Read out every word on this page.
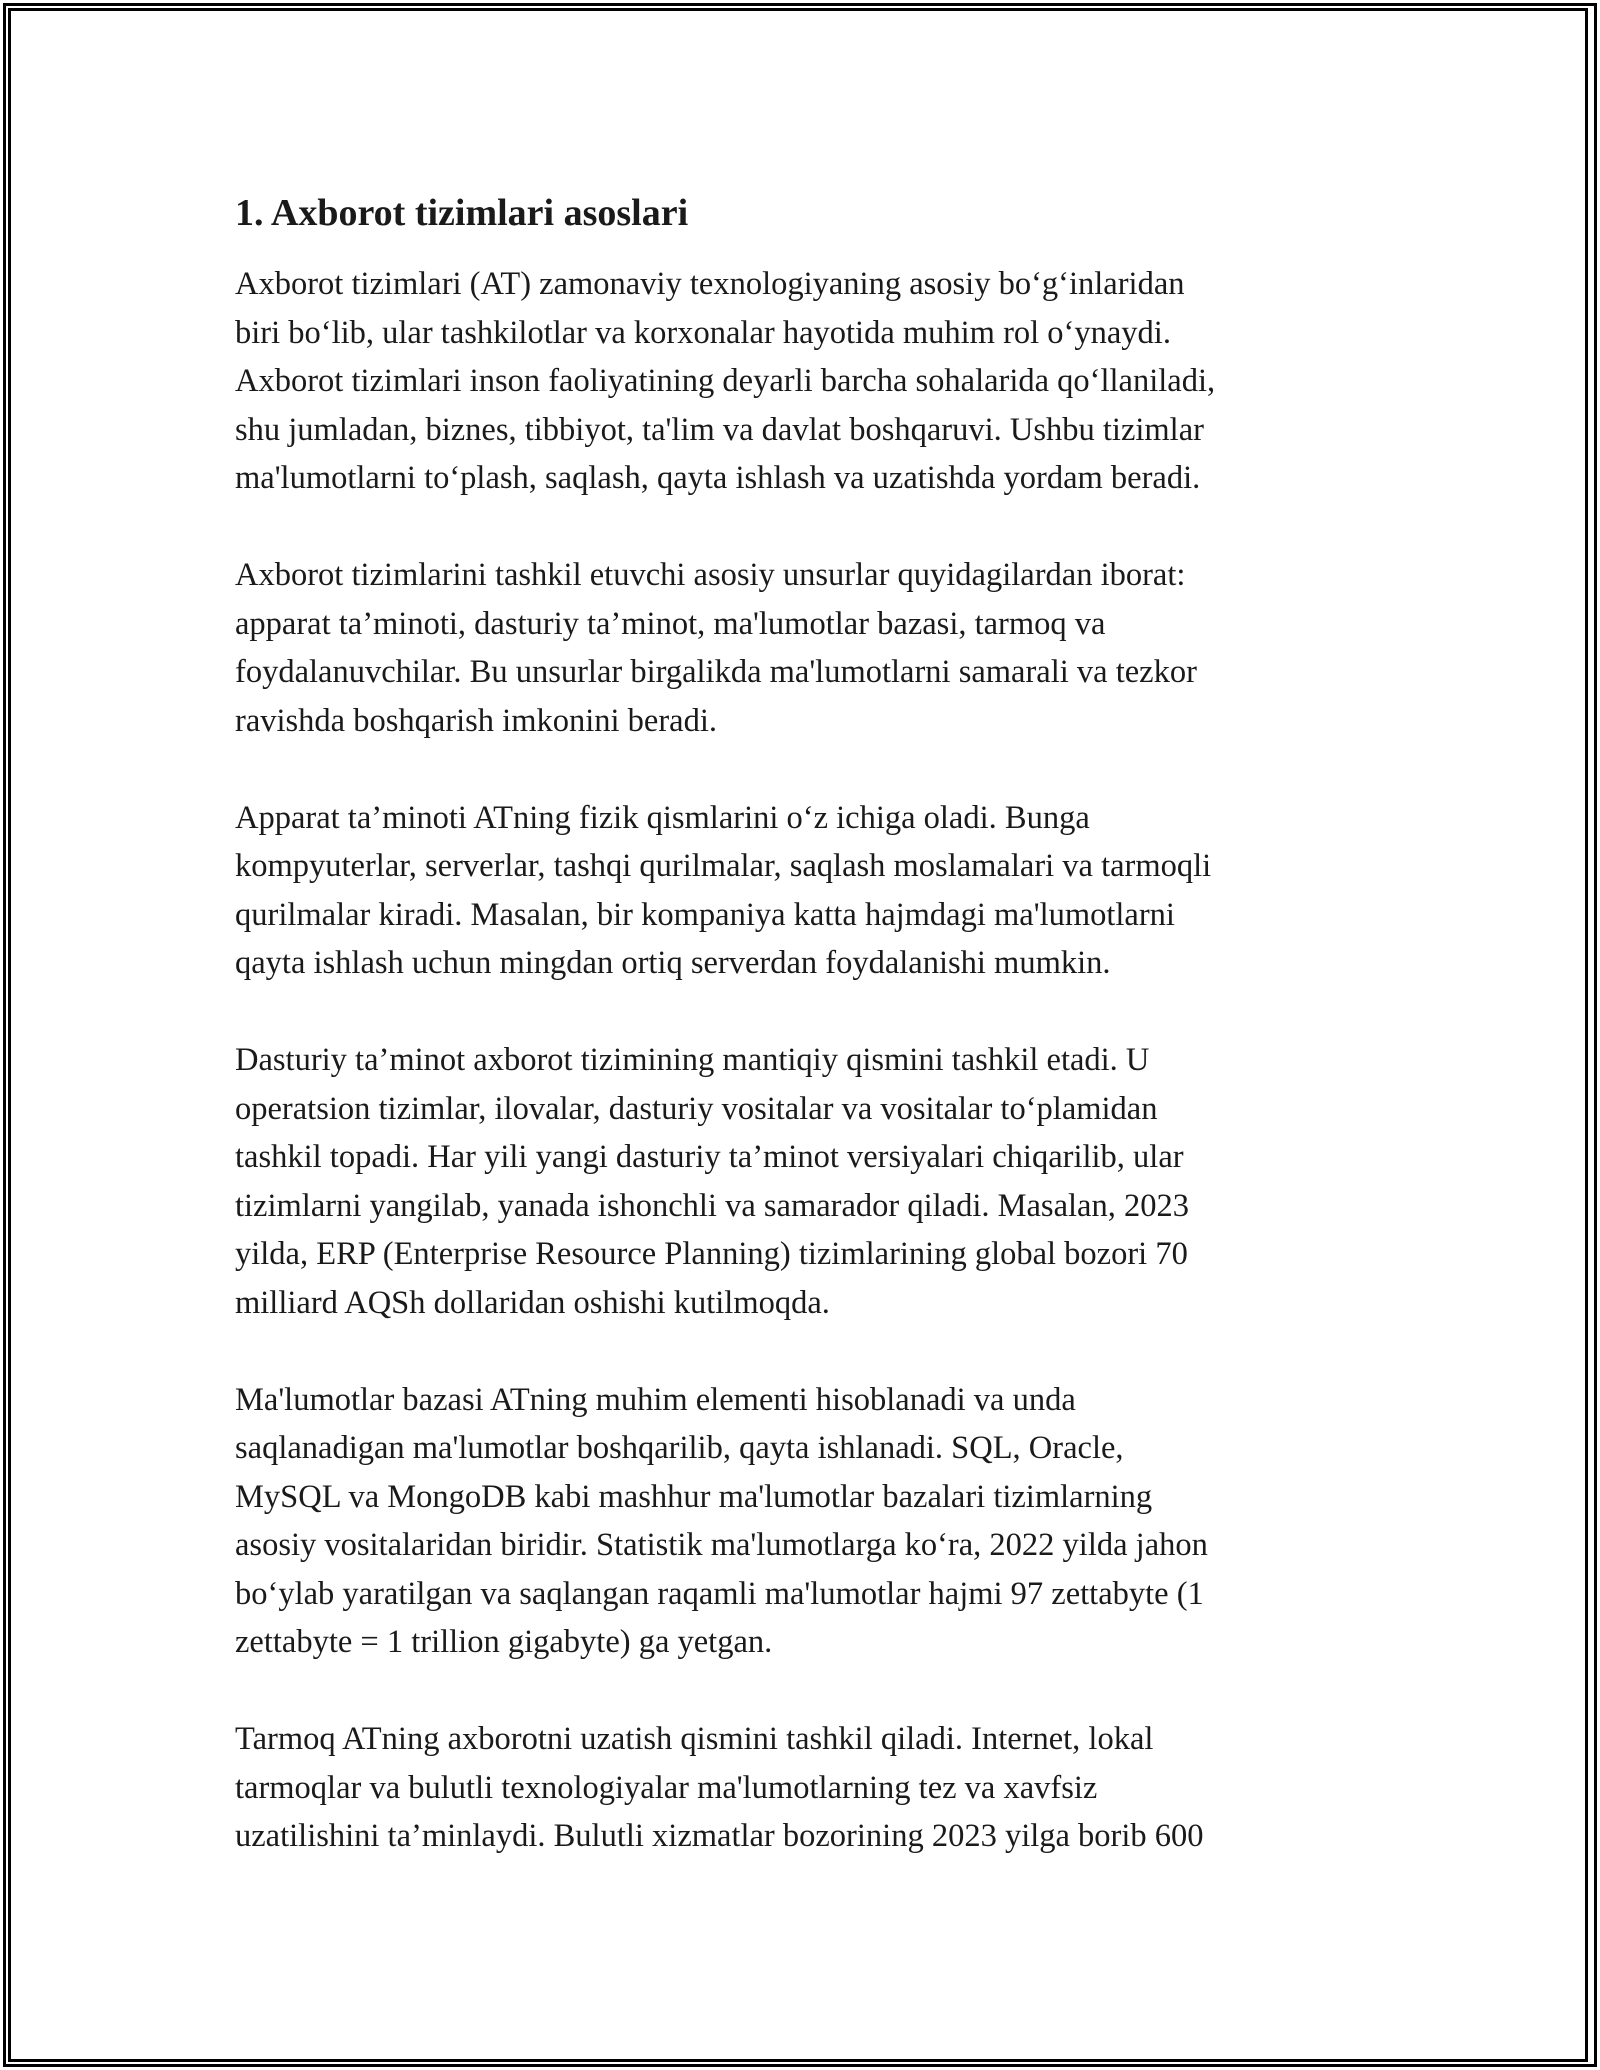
1. Axborot tizimlari asoslari

Axborot tizimlari (AT) zamonaviy texnologiyaning asosiy bo‘g‘inlaridan
biri bo‘lib, ular tashkilotlar va korxonalar hayotida muhim rol o‘ynaydi.
Axborot tizimlari inson faoliyatining deyarli barcha sohalarida qo‘llaniladi,
shu jumladan, biznes, tibbiyot, ta'lim va davlat boshqaruvi. Ushbu tizimlar
ma'lumotlarni to‘plash, saqlash, qayta ishlash va uzatishda yordam beradi.

Axborot tizimlarini tashkil etuvchi asosiy unsurlar quyidagilardan iborat:
apparat ta’minoti, dasturiy ta’minot, ma'lumotlar bazasi, tarmoq va
foydalanuvchilar. Bu unsurlar birgalikda ma'lumotlarni samarali va tezkor
ravishda boshqarish imkonini beradi.

Apparat ta’minoti ATning fizik qismlarini o‘z ichiga oladi. Bunga
kompyuterlar, serverlar, tashqi qurilmalar, saqlash moslamalari va tarmoqli
qurilmalar kiradi. Masalan, bir kompaniya katta hajmdagi ma'lumotlarni
qayta ishlash uchun mingdan ortiq serverdan foydalanishi mumkin.

Dasturiy ta’minot axborot tizimining mantiqiy qismini tashkil etadi. U
operatsion tizimlar, ilovalar, dasturiy vositalar va vositalar to‘plamidan
tashkil topadi. Har yili yangi dasturiy ta’minot versiyalari chiqarilib, ular
tizimlarni yangilab, yanada ishonchli va samarador qiladi. Masalan, 2023
yilda, ERP (Enterprise Resource Planning) tizimlarining global bozori 70
milliard AQSh dollaridan oshishi kutilmoqda.

Ma'lumotlar bazasi ATning muhim elementi hisoblanadi va unda
saqlanadigan ma'lumotlar boshqarilib, qayta ishlanadi. SQL, Oracle,
MySQL va MongoDB kabi mashhur ma'lumotlar bazalari tizimlarning
asosiy vositalaridan biridir. Statistik ma'lumotlarga ko‘ra, 2022 yilda jahon
bo‘ylab yaratilgan va saqlangan raqamli ma'lumotlar hajmi 97 zettabyte (1
zettabyte = 1 trillion gigabyte) ga yetgan.

Tarmoq ATning axborotni uzatish qismini tashkil qiladi. Internet, lokal
tarmoqlar va bulutli texnologiyalar ma'lumotlarning tez va xavfsiz
uzatilishini ta’minlaydi. Bulutli xizmatlar bozorining 2023 yilga borib 600
